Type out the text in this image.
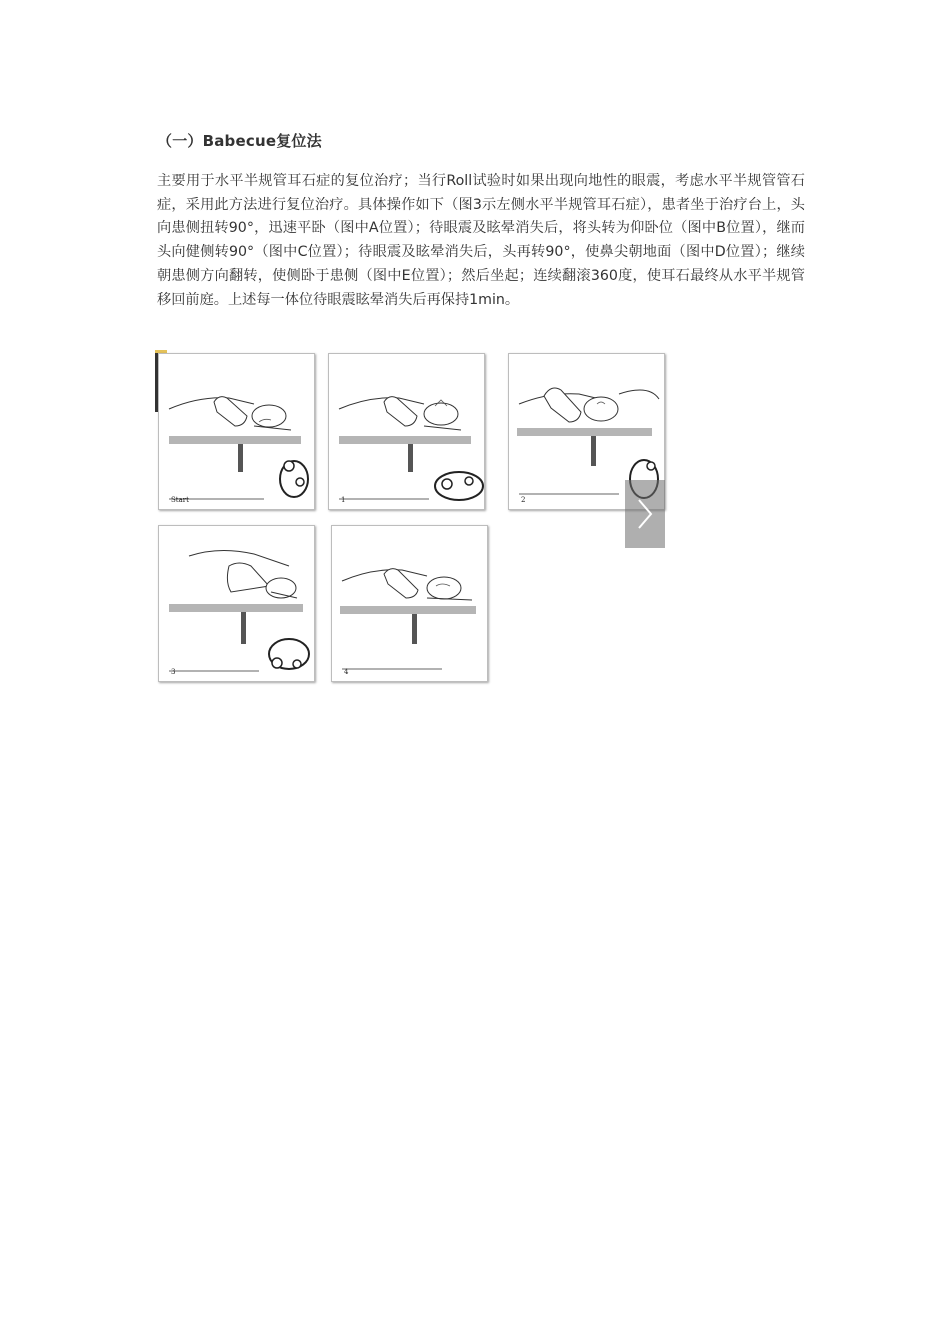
（一）Babecue复位法
主要用于水平半规管耳石症的复位治疗；当行Roll试验时如果出现向地性的眼震，考虑水平半规管管石症，采用此方法进行复位治疗。具体操作如下（图3示左侧水平半规管耳石症），患者坐于治疗台上，头向患侧扭转90°，迅速平卧（图中A位置）；待眼震及眩晕消失后，将头转为仰卧位（图中B位置），继而头向健侧转90°（图中C位置）；待眼震及眩晕消失后，头再转90°，使鼻尖朝地面（图中D位置）；继续朝患侧方向翻转，使侧卧于患侧（图中E位置）；然后坐起；连续翻滚360度，使耳石最终从水平半规管移回前庭。上述每一体位待眼震眩晕消失后再保持1min。
Start	1	2
3	4
